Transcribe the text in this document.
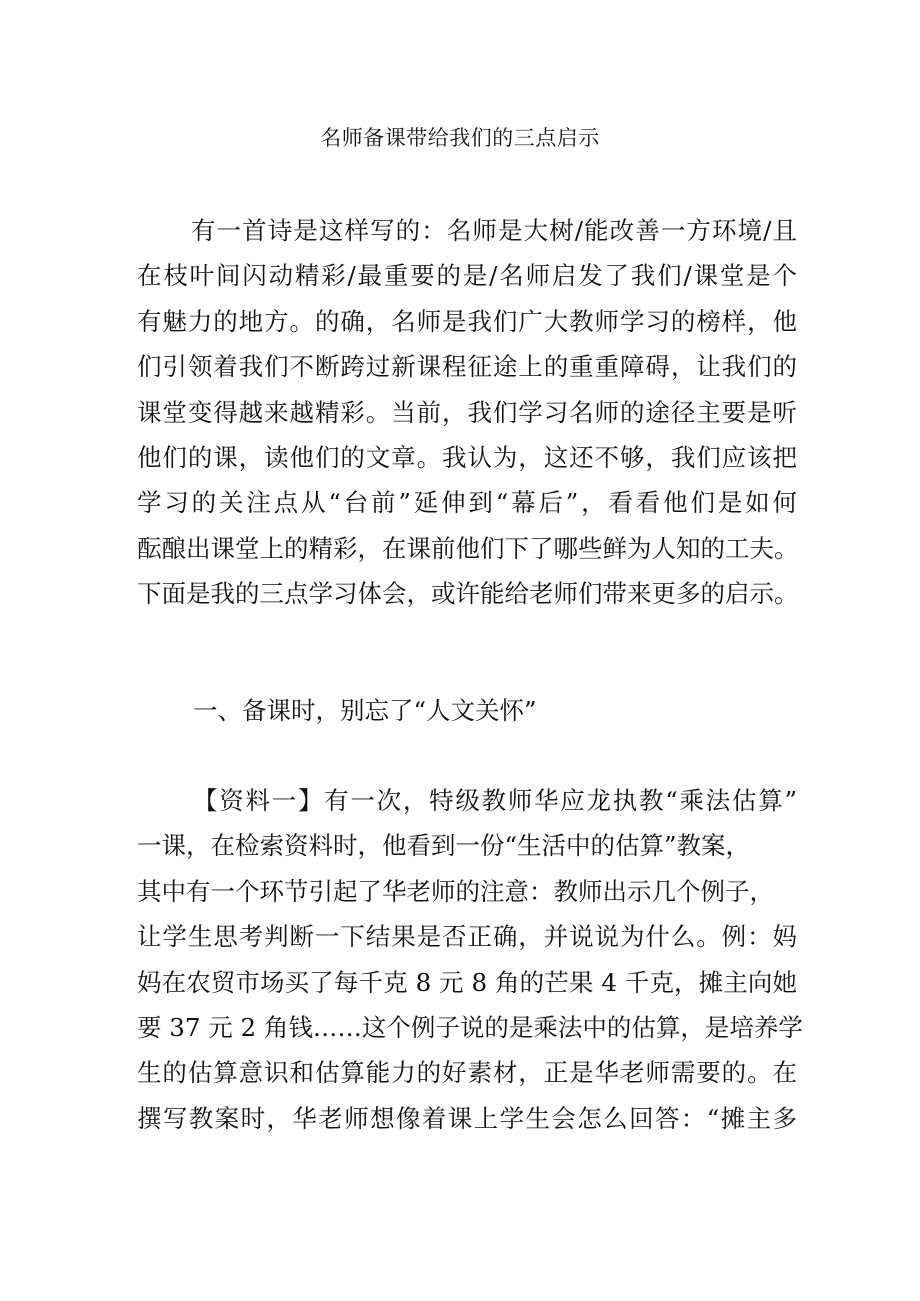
名师备课带给我们的三点启示
有一首诗是这样写的：名师是大树/能改善一方环境/且
在枝叶间闪动精彩/最重要的是/名师启发了我们/课堂是个
有魅力的地方。的确，名师是我们广大教师学习的榜样，他
们引领着我们不断跨过新课程征途上的重重障碍，让我们的
课堂变得越来越精彩。当前，我们学习名师的途径主要是听
他们的课，读他们的文章。我认为，这还不够，我们应该把
学习的关注点从“台前”延伸到“幕后”，看看他们是如何
酝酿出课堂上的精彩，在课前他们下了哪些鲜为人知的工夫。
下面是我的三点学习体会，或许能给老师们带来更多的启示。
一、备课时，别忘了“人文关怀”
【资料一】有一次，特级教师华应龙执教“乘法估算”
一课，在检索资料时，他看到一份“生活中的估算”教案，
其中有一个环节引起了华老师的注意：教师出示几个例子，
让学生思考判断一下结果是否正确，并说说为什么。例：妈
妈在农贸市场买了每千克 8 元 8 角的芒果 4 千克，摊主向她
要 37 元 2 角钱……这个例子说的是乘法中的估算，是培养学
生的估算意识和估算能力的好素材，正是华老师需要的。在
撰写教案时，华老师想像着课上学生会怎么回答：“摊主多
